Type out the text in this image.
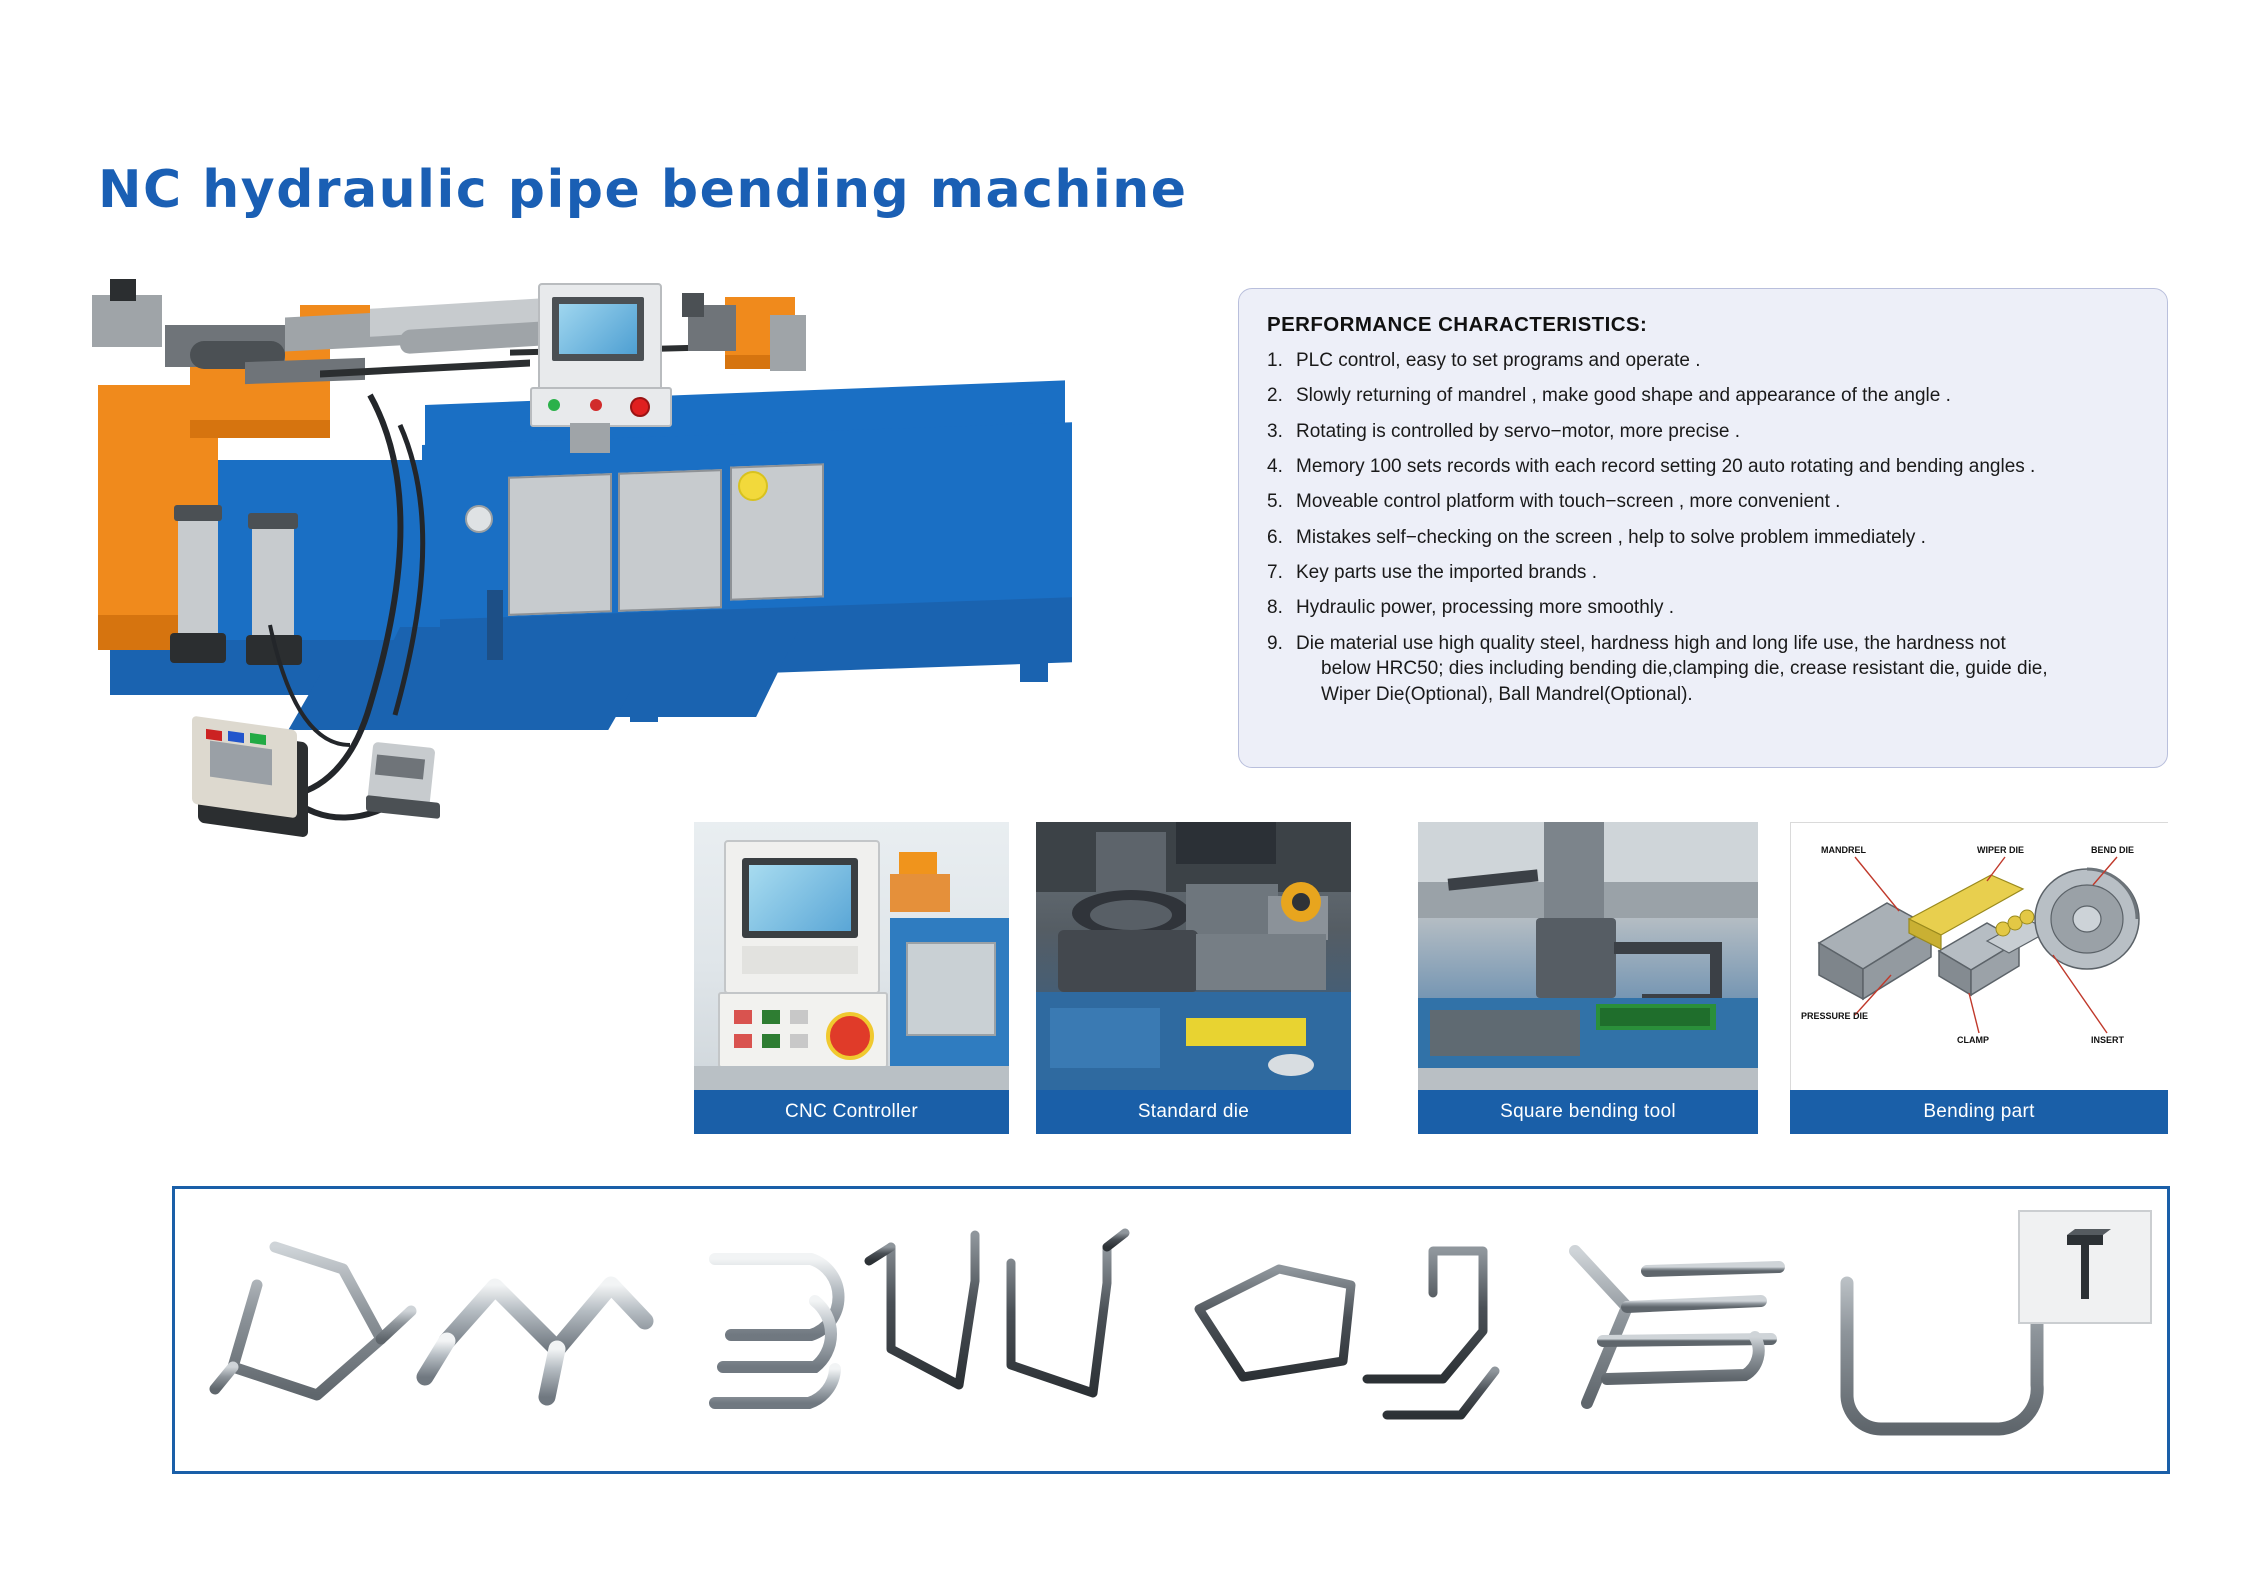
NC hydraulic pipe bending machine
PERFORMANCE CHARACTERISTICS:
1. PLC control, easy to set programs and operate .
2. Slowly returning of mandrel , make good shape and appearance of the angle .
3. Rotating is controlled by servo−motor, more precise .
4. Memory 100 sets records with each record setting 20 auto rotating and bending angles .
5. Moveable control platform with touch−screen , more convenient .
6. Mistakes self−checking on the screen , help to solve problem immediately .
7. Key parts use the imported brands .
8. Hydraulic power, processing more smoothly .
9. Die material use high quality steel, hardness high and long life use, the hardness not
below HRC50; dies including bending die,clamping die, crease resistant die, guide die,
Wiper Die(Optional), Ball Mandrel(Optional).
CNC Controller	Standard die	Square bending tool
MANDREL	WIPER DIE	BEND DIE
PRESSURE DIE
CLAMP	INSERT
Bending part
